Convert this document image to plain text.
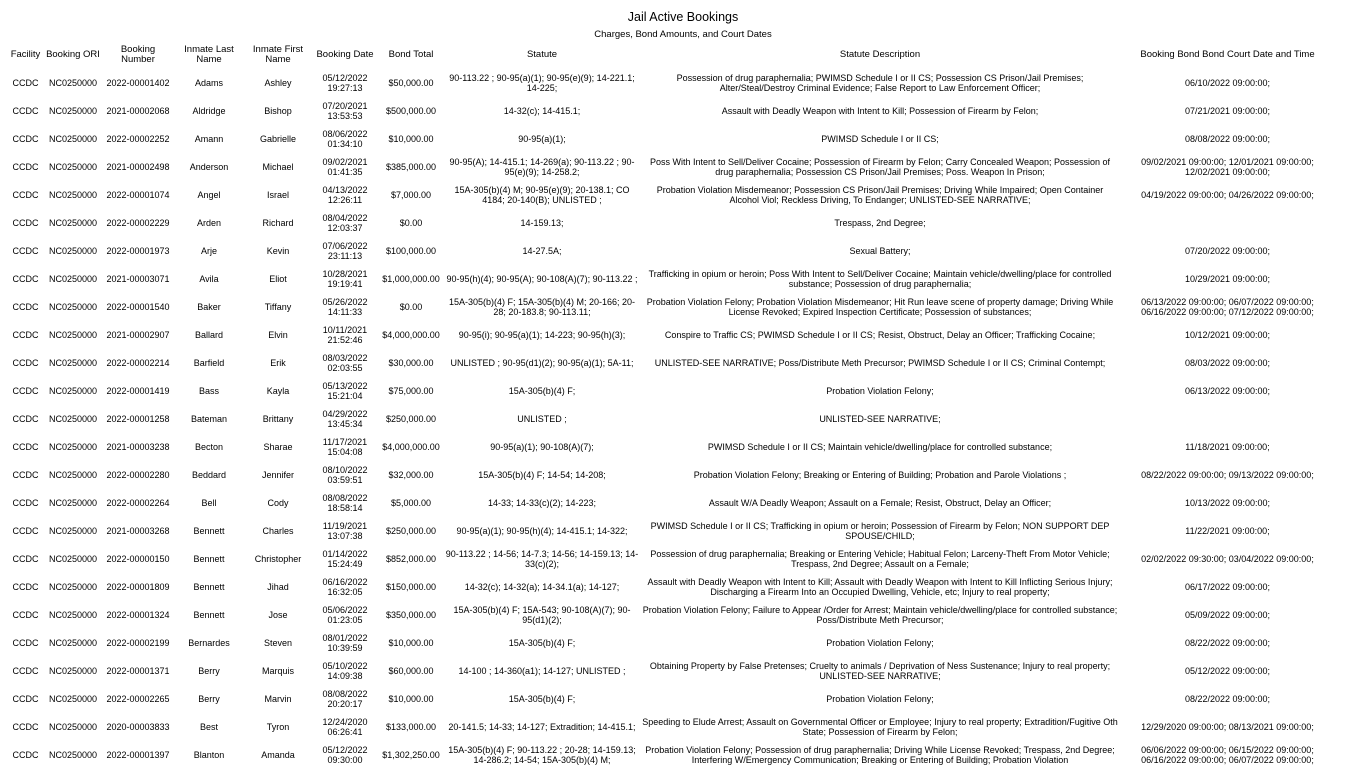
Jail Active Bookings
Charges, Bond Amounts, and Court Dates
Facility	Booking ORI	Booking Number	Inmate Last Name	Inmate First Name	Booking Date	Bond Total	Statute	Statute Description	Booking Bond Bond Court Date and Time

CCDC	NC0250000	2022-00001402	Adams	Ashley	05/12/2022 19:27:13	$50,000.00	90-113.22 ; 90-95(a)(1); 90-95(e)(9); 14-221.1; 14-225;	Possession of drug paraphernalia; PWIMSD Schedule I or II CS; Possession CS Prison/Jail Premises; Alter/Steal/Destroy Criminal Evidence; False Report to Law Enforcement Officer;	06/10/2022 09:00:00;

CCDC	NC0250000	2021-00002068	Aldridge	Bishop	07/20/2021 13:53:53	$500,000.00	14-32(c); 14-415.1;	Assault with Deadly Weapon with Intent to Kill; Possession of Firearm by Felon;	07/21/2021 09:00:00;

CCDC	NC0250000	2022-00002252	Amann	Gabrielle	08/06/2022 01:34:10	$10,000.00	90-95(a)(1);	PWIMSD Schedule I or II CS;	08/08/2022 09:00:00;

CCDC	NC0250000	2021-00002498	Anderson	Michael	09/02/2021 01:41:35	$385,000.00	90-95(A); 14-415.1; 14-269(a); 90-113.22 ; 90-95(e)(9); 14-258.2;	Poss With Intent to Sell/Deliver Cocaine; Possession of Firearm by Felon; Carry Concealed Weapon; Possession of drug paraphernalia; Possession CS Prison/Jail Premises; Poss. Weapon In Prison;	09/02/2021 09:00:00; 12/01/2021 09:00:00; 12/02/2021 09:00:00;

CCDC	NC0250000	2022-00001074	Angel	Israel	04/13/2022 12:26:11	$7,000.00	15A-305(b)(4) M; 90-95(e)(9); 20-138.1; CO 4184; 20-140(B); UNLISTED ;	Probation Violation Misdemeanor; Possession CS Prison/Jail Premises; Driving While Impaired; Open Container Alcohol Viol; Reckless Driving, To Endanger; UNLISTED-SEE NARRATIVE;	04/19/2022 09:00:00; 04/26/2022 09:00:00;

CCDC	NC0250000	2022-00002229	Arden	Richard	08/04/2022 12:03:37	$0.00	14-159.13;	Trespass, 2nd Degree;	

CCDC	NC0250000	2022-00001973	Arje	Kevin	07/06/2022 23:11:13	$100,000.00	14-27.5A;	Sexual Battery;	07/20/2022 09:00:00;

CCDC	NC0250000	2021-00003071	Avila	Eliot	10/28/2021 19:19:41	$1,000,000.00	90-95(h)(4); 90-95(A); 90-108(A)(7); 90-113.22 ;	Trafficking in opium or heroin; Poss With Intent to Sell/Deliver Cocaine; Maintain vehicle/dwelling/place for controlled substance; Possession of drug paraphernalia;	10/29/2021 09:00:00;

CCDC	NC0250000	2022-00001540	Baker	Tiffany	05/26/2022 14:11:33	$0.00	15A-305(b)(4) F; 15A-305(b)(4) M; 20-166; 20-28; 20-183.8; 90-113.11;	Probation Violation Felony; Probation Violation Misdemeanor; Hit Run leave scene of property damage; Driving While License Revoked; Expired Inspection Certificate; Possession of substances;	06/13/2022 09:00:00; 06/07/2022 09:00:00; 06/16/2022 09:00:00; 07/12/2022 09:00:00;

CCDC	NC0250000	2021-00002907	Ballard	Elvin	10/11/2021 21:52:46	$4,000,000.00	90-95(i); 90-95(a)(1); 14-223; 90-95(h)(3);	Conspire to Traffic CS; PWIMSD Schedule I or II CS; Resist, Obstruct, Delay an Officer; Trafficking Cocaine;	10/12/2021 09:00:00;

CCDC	NC0250000	2022-00002214	Barfield	Erik	08/03/2022 02:03:55	$30,000.00	UNLISTED ; 90-95(d1)(2); 90-95(a)(1); 5A-11;	UNLISTED-SEE NARRATIVE; Poss/Distribute Meth Precursor; PWIMSD Schedule I or II CS; Criminal Contempt;	08/03/2022 09:00:00;

CCDC	NC0250000	2022-00001419	Bass	Kayla	05/13/2022 15:21:04	$75,000.00	15A-305(b)(4) F;	Probation Violation Felony;	06/13/2022 09:00:00;

CCDC	NC0250000	2022-00001258	Bateman	Brittany	04/29/2022 13:45:34	$250,000.00	UNLISTED ;	UNLISTED-SEE NARRATIVE;	

CCDC	NC0250000	2021-00003238	Becton	Sharae	11/17/2021 15:04:08	$4,000,000.00	90-95(a)(1); 90-108(A)(7);	PWIMSD Schedule I or II CS; Maintain vehicle/dwelling/place for controlled substance;	11/18/2021 09:00:00;

CCDC	NC0250000	2022-00002280	Beddard	Jennifer	08/10/2022 03:59:51	$32,000.00	15A-305(b)(4) F; 14-54; 14-208;	Probation Violation Felony; Breaking or Entering of Building; Probation and Parole Violations ;	08/22/2022 09:00:00; 09/13/2022 09:00:00;

CCDC	NC0250000	2022-00002264	Bell	Cody	08/08/2022 18:58:14	$5,000.00	14-33; 14-33(c)(2); 14-223;	Assault W/A Deadly Weapon; Assault on a Female; Resist, Obstruct, Delay an Officer;	10/13/2022 09:00:00;

CCDC	NC0250000	2021-00003268	Bennett	Charles	11/19/2021 13:07:38	$250,000.00	90-95(a)(1); 90-95(h)(4); 14-415.1; 14-322;	PWIMSD Schedule I or II CS; Trafficking in opium or heroin; Possession of Firearm by Felon; NON SUPPORT DEP SPOUSE/CHILD;	11/22/2021 09:00:00;

CCDC	NC0250000	2022-00000150	Bennett	Christopher	01/14/2022 15:24:49	$852,000.00	90-113.22 ; 14-56; 14-7.3; 14-56; 14-159.13; 14-33(c)(2);	Possession of drug paraphernalia; Breaking or Entering Vehicle; Habitual Felon; Larceny-Theft From Motor Vehicle; Trespass, 2nd Degree; Assault on a Female;	02/02/2022 09:30:00; 03/04/2022 09:00:00;

CCDC	NC0250000	2022-00001809	Bennett	Jihad	06/16/2022 16:32:05	$150,000.00	14-32(c); 14-32(a); 14-34.1(a); 14-127;	Assault with Deadly Weapon with Intent to Kill; Assault with Deadly Weapon with Intent to Kill Inflicting Serious Injury; Discharging a Firearm Into an Occupied Dwelling, Vehicle, etc; Injury to real property;	06/17/2022 09:00:00;

CCDC	NC0250000	2022-00001324	Bennett	Jose	05/06/2022 01:23:05	$350,000.00	15A-305(b)(4) F; 15A-543; 90-108(A)(7); 90-95(d1)(2);	Probation Violation Felony; Failure to Appear /Order for Arrest; Maintain vehicle/dwelling/place for controlled substance; Poss/Distribute Meth Precursor;	05/09/2022 09:00:00;

CCDC	NC0250000	2022-00002199	Bernardes	Steven	08/01/2022 10:39:59	$10,000.00	15A-305(b)(4) F;	Probation Violation Felony;	08/22/2022 09:00:00;

CCDC	NC0250000	2022-00001371	Berry	Marquis	05/10/2022 14:09:38	$60,000.00	14-100 ; 14-360(a1); 14-127; UNLISTED ;	Obtaining Property by False Pretenses; Cruelty to animals / Deprivation of Ness Sustenance; Injury to real property; UNLISTED-SEE NARRATIVE;	05/12/2022 09:00:00;

CCDC	NC0250000	2022-00002265	Berry	Marvin	08/08/2022 20:20:17	$10,000.00	15A-305(b)(4) F;	Probation Violation Felony;	08/22/2022 09:00:00;

CCDC	NC0250000	2020-00003833	Best	Tyron	12/24/2020 06:26:41	$133,000.00	20-141.5; 14-33; 14-127; Extradition; 14-415.1;	Speeding to Elude Arrest; Assault on Governmental Officer or Employee; Injury to real property; Extradition/Fugitive Oth State; Possession of Firearm by Felon;	12/29/2020 09:00:00; 08/13/2021 09:00:00;

CCDC	NC0250000	2022-00001397	Blanton	Amanda	05/12/2022 09:30:00	$1,302,250.00	15A-305(b)(4) F; 90-113.22 ; 20-28; 14-159.13; 14-286.2; 14-54; 15A-305(b)(4) M;	Probation Violation Felony; Possession of drug paraphernalia; Driving While License Revoked; Trespass, 2nd Degree; Interfering W/Emergency Communication; Breaking or Entering of Building; Probation Violation	06/06/2022 09:00:00; 06/15/2022 09:00:00; 06/16/2022 09:00:00; 06/07/2022 09:00:00;
